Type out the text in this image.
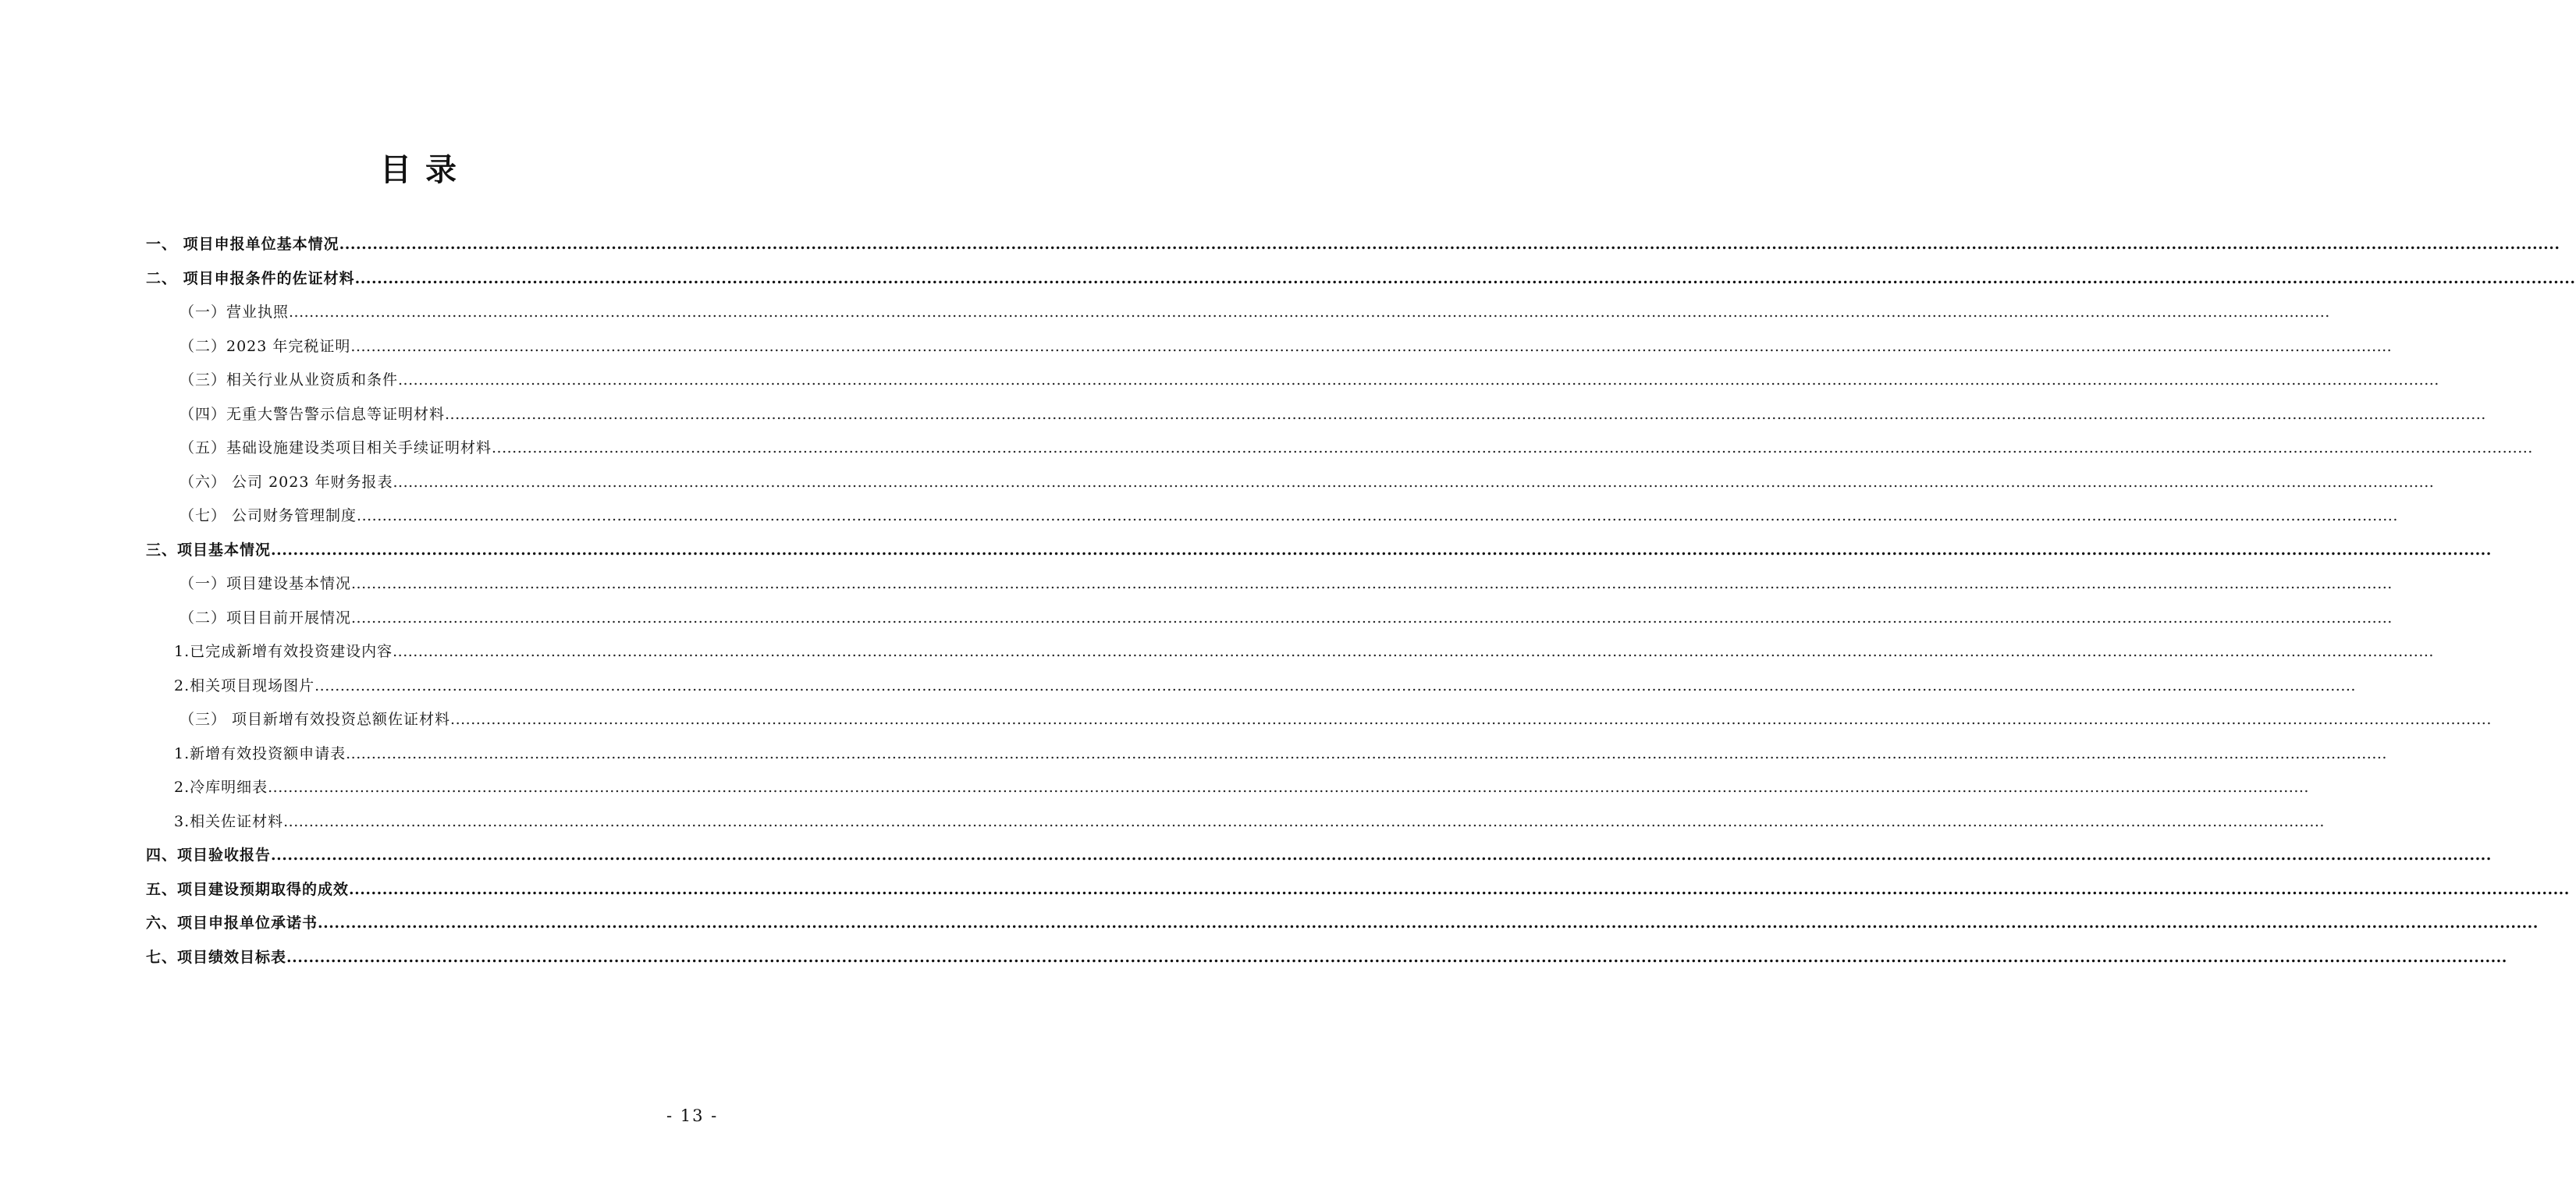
目 录
一、 项目申报单位基本情况 ................................................................................................................................................................................................................................................................................................................................................................................................................
二、 项目申报条件的佐证材料 ................................................................................................................................................................................................................................................................................................................................................................................................................
（一）营业执照 ................................................................................................................................................................................................................................................................................................................................................................................................................
（二）2023 年完税证明 ................................................................................................................................................................................................................................................................................................................................................................................................................
（三）相关行业从业资质和条件 ................................................................................................................................................................................................................................................................................................................................................................................................................
（四）无重大警告警示信息等证明材料 ................................................................................................................................................................................................................................................................................................................................................................................................................
（五）基础设施建设类项目相关手续证明材料 ................................................................................................................................................................................................................................................................................................................................................................................................................
（六） 公司 2023 年财务报表 ................................................................................................................................................................................................................................................................................................................................................................................................................
（七） 公司财务管理制度 ................................................................................................................................................................................................................................................................................................................................................................................................................
三、项目基本情况 ................................................................................................................................................................................................................................................................................................................................................................................................................
（一）项目建设基本情况 ................................................................................................................................................................................................................................................................................................................................................................................................................
（二）项目目前开展情况 ................................................................................................................................................................................................................................................................................................................................................................................................................
1.已完成新增有效投资建设内容 ................................................................................................................................................................................................................................................................................................................................................................................................................
2.相关项目现场图片 ................................................................................................................................................................................................................................................................................................................................................................................................................
（三） 项目新增有效投资总额佐证材料 ................................................................................................................................................................................................................................................................................................................................................................................................................
1.新增有效投资额申请表 ................................................................................................................................................................................................................................................................................................................................................................................................................
2.冷库明细表 ................................................................................................................................................................................................................................................................................................................................................................................................................
3.相关佐证材料 ................................................................................................................................................................................................................................................................................................................................................................................................................
四、项目验收报告 ................................................................................................................................................................................................................................................................................................................................................................................................................
五、项目建设预期取得的成效 ................................................................................................................................................................................................................................................................................................................................................................................................................
六、项目申报单位承诺书 ................................................................................................................................................................................................................................................................................................................................................................................................................
七、项目绩效目标表 ................................................................................................................................................................................................................................................................................................................................................................................................................
- 13 -
